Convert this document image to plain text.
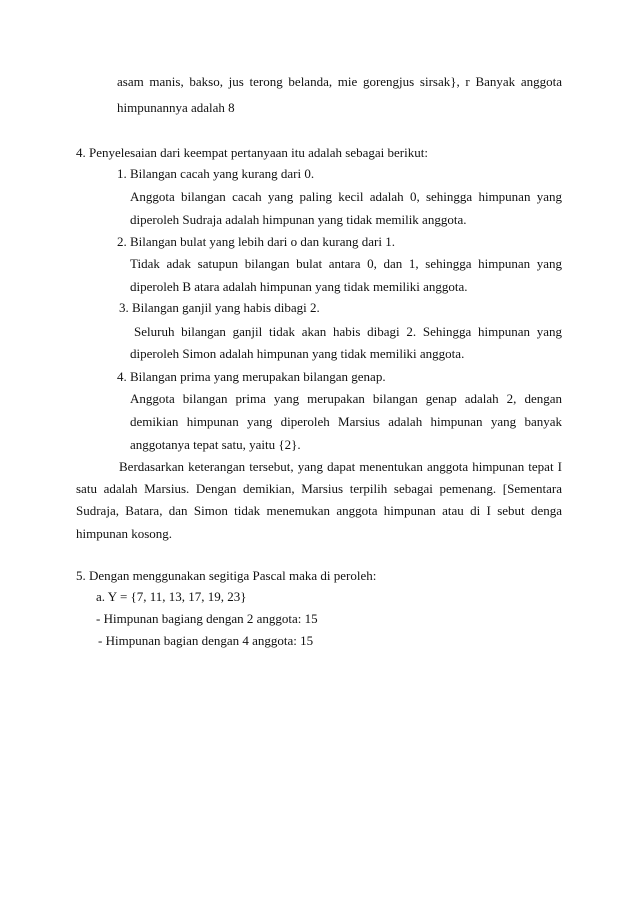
asam manis, bakso, jus terong belanda, mie gorengjus sirsak}, r Banyak anggota
himpunannya adalah 8
4. Penyelesaian dari keempat pertanyaan itu adalah sebagai berikut:
1. Bilangan cacah yang kurang dari 0.
Anggota bilangan cacah yang paling kecil adalah 0, sehingga himpunan yang
diperoleh Sudraja adalah himpunan yang tidak memilik anggota.
2. Bilangan bulat yang lebih dari o dan kurang dari 1.
Tidak adak satupun bilangan bulat antara 0, dan 1, sehingga himpunan yang
diperoleh B atara adalah himpunan yang tidak memiliki anggota.
3. Bilangan ganjil yang habis dibagi 2.
Seluruh bilangan ganjil tidak akan habis dibagi 2. Sehingga himpunan yang
diperoleh Simon adalah himpunan yang tidak memiliki anggota.
4. Bilangan prima yang merupakan bilangan genap.
Anggota bilangan prima yang merupakan bilangan genap adalah 2, dengan
demikian himpunan yang diperoleh Marsius adalah himpunan yang banyak
anggotanya tepat satu, yaitu {2}.
Berdasarkan keterangan tersebut, yang dapat menentukan anggota himpunan tepat I
satu adalah Marsius. Dengan demikian, Marsius terpilih sebagai pemenang. [Sementara
Sudraja, Batara, dan Simon tidak menemukan anggota himpunan atau di I sebut denga
himpunan kosong.
5. Dengan menggunakan segitiga Pascal maka di peroleh:
a. Y = {7, 11, 13, 17, 19, 23}
- Himpunan bagiang dengan 2 anggota: 15
- Himpunan bagian dengan 4 anggota: 15
